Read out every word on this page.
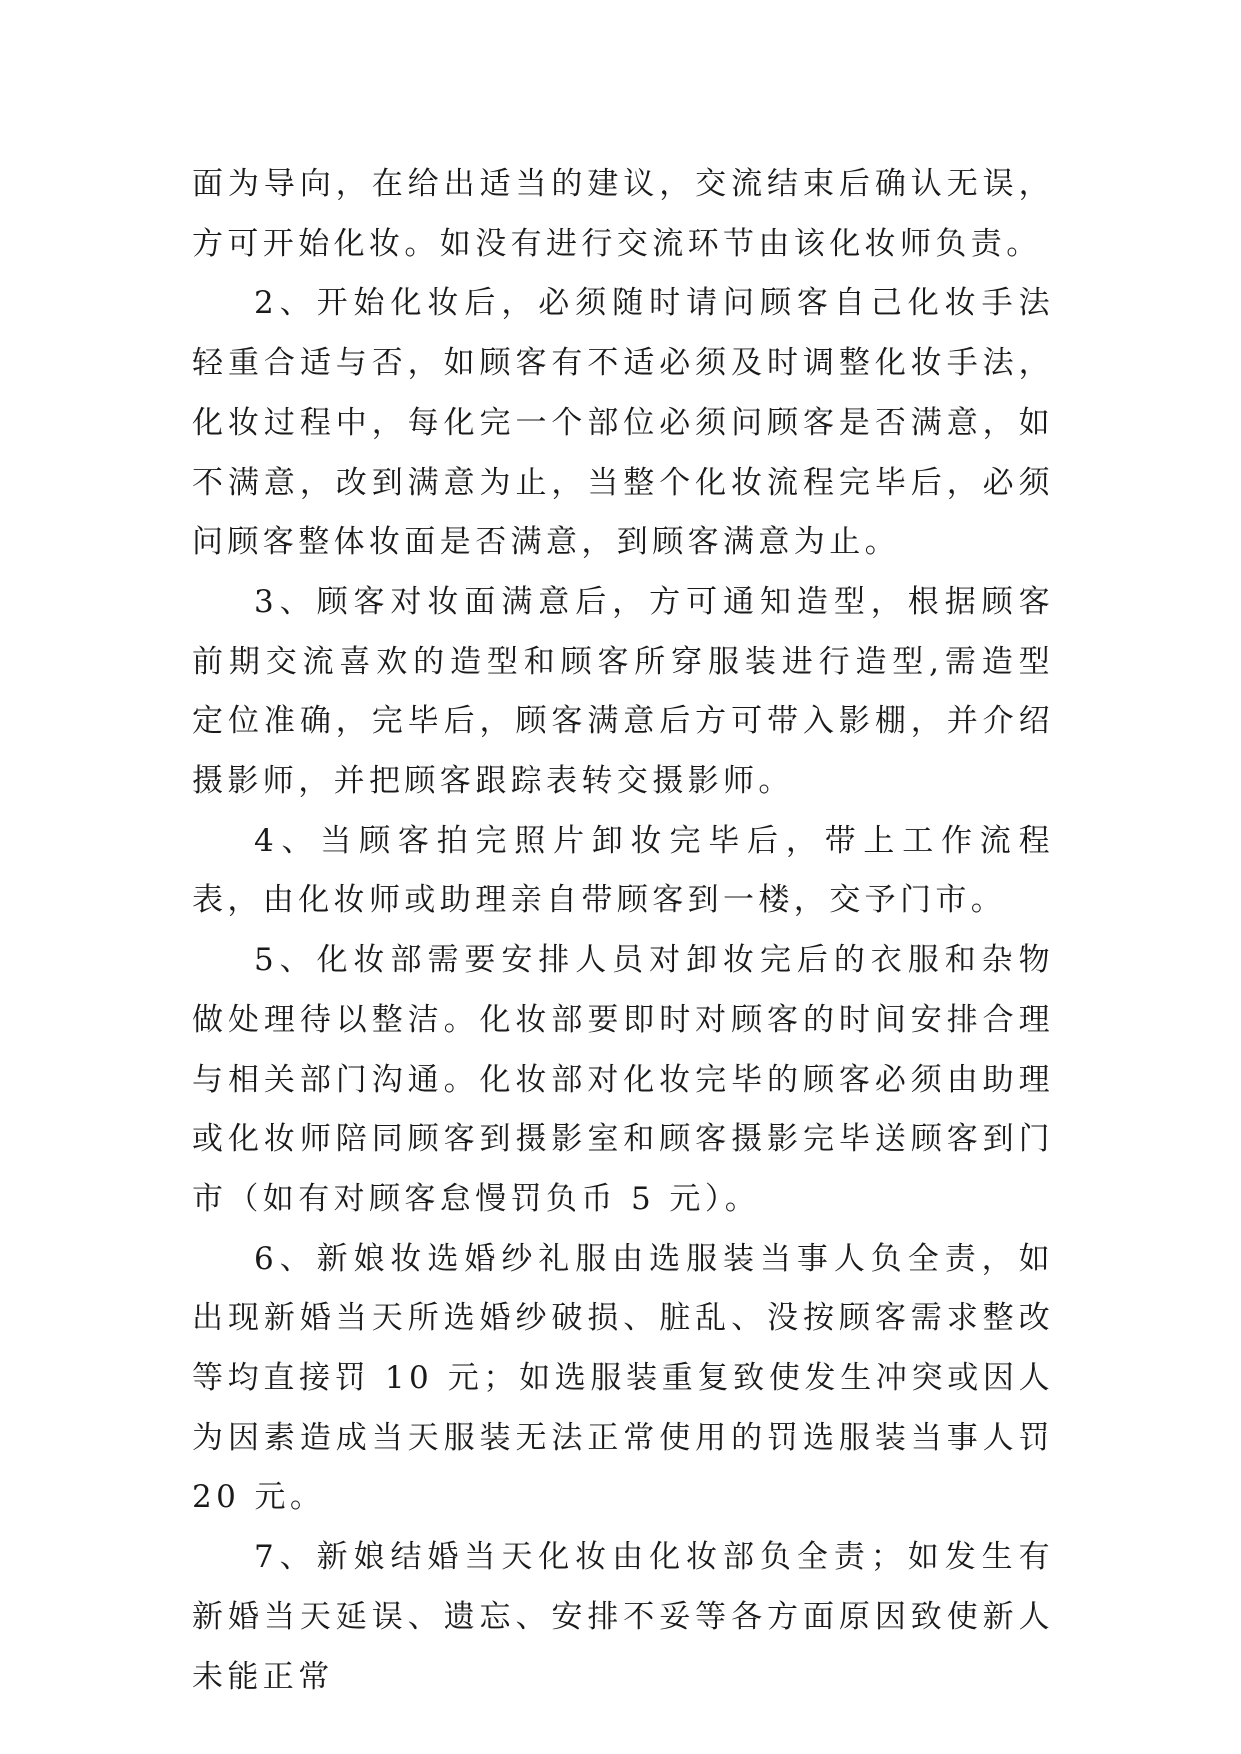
面为导向，在给出适当的建议，交流结束后确认无误，方可开始化妆。如没有进行交流环节由该化妆师负责。

2、开始化妆后，必须随时请问顾客自己化妆手法轻重合适与否，如顾客有不适必须及时调整化妆手法，化妆过程中，每化完一个部位必须问顾客是否满意，如不满意，改到满意为止，当整个化妆流程完毕后，必须问顾客整体妆面是否满意，到顾客满意为止。

3、顾客对妆面满意后，方可通知造型，根据顾客前期交流喜欢的造型和顾客所穿服装进行造型,需造型定位准确，完毕后，顾客满意后方可带入影棚，并介绍摄影师，并把顾客跟踪表转交摄影师。

4、当顾客拍完照片卸妆完毕后，带上工作流程表，由化妆师或助理亲自带顾客到一楼，交予门市。

5、化妆部需要安排人员对卸妆完后的衣服和杂物做处理待以整洁。化妆部要即时对顾客的时间安排合理与相关部门沟通。化妆部对化妆完毕的顾客必须由助理或化妆师陪同顾客到摄影室和顾客摄影完毕送顾客到门市（如有对顾客怠慢罚负币 5 元）。

6、新娘妆选婚纱礼服由选服装当事人负全责，如出现新婚当天所选婚纱破损、脏乱、没按顾客需求整改等均直接罚 10 元；如选服装重复致使发生冲突或因人为因素造成当天服装无法正常使用的罚选服装当事人罚 20 元。

7、新娘结婚当天化妆由化妆部负全责；如发生有新婚当天延误、遗忘、安排不妥等各方面原因致使新人未能正常
